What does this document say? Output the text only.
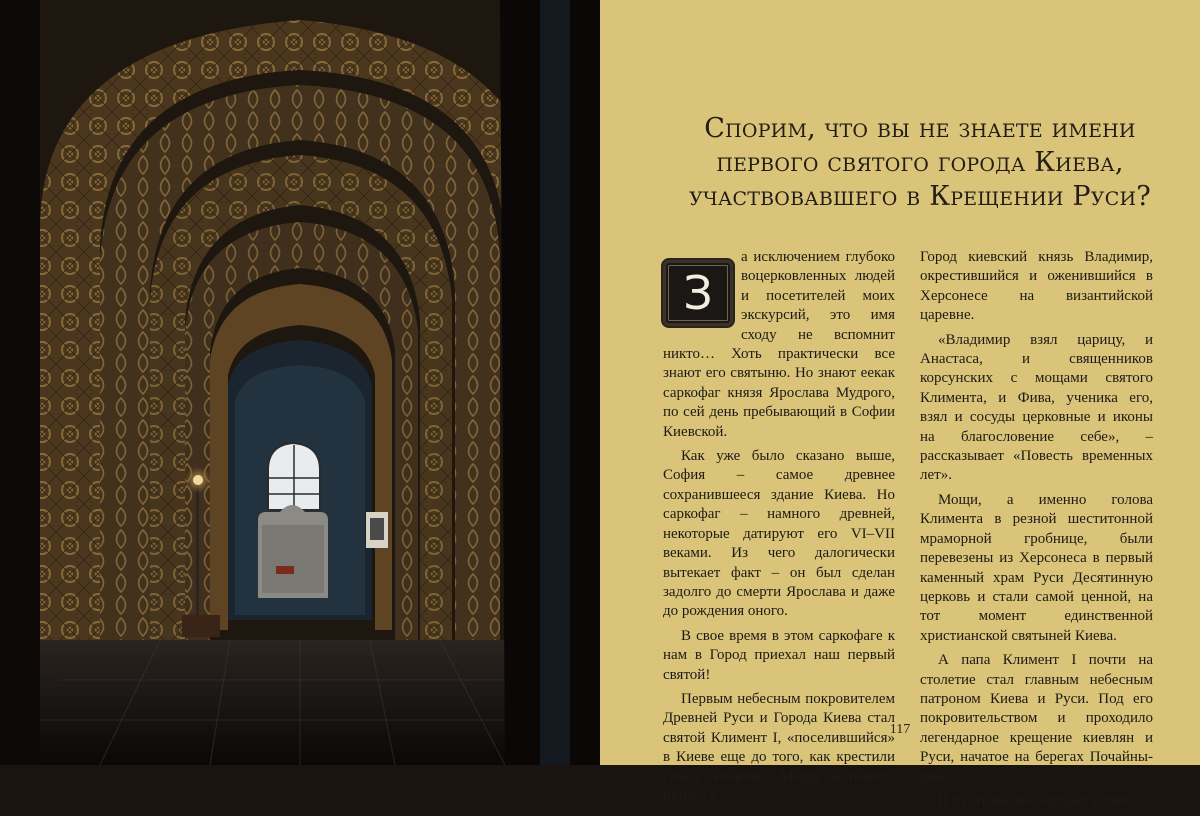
Спорим, что вы не знаете имени
первого святого города Киева,
участвовавшего в Крещении Руси?

З
а исключением глубоко воцерковленных людей и посетителей моих экскурсий, это имя сходу не вспомнит никто… Хоть практически все знают его святыню. Но знают еекак саркофаг князя Ярослава Мудрого, по сей день пребывающий в Софии Киевской.

Как уже было сказано выше, София – самое древнее сохранившееся здание Киева. Но саркофаг – намного древней, некоторые датируют его VI–VII веками. Из чего далогически вытекает факт – он был сделан задолго до смерти Ярослава и даже до рождения оного.

В свое время в этом саркофаге к нам в Город приехал наш первый святой!

Первым небесным покровителем Древней Руси и Города Киева стал святой Климент I, «поселившийся» в Киеве еще до того, как крестили самих киевлян. Мощи Климента привез в

Город киевский князь Владимир, окрестившийся и оженившийся в Херсонесе на византийской царевне.

«Владимир взял царицу, и Анастаса, и священников корсунских с мощами святого Климента, и Фива, ученика его, взял и сосуды церковные и иконы на благословение себе», – рассказывает «Повесть временных лет».

Мощи, а именно голова Климента в резной шеститонной мраморной гробнице, были перевезены из Херсонеса в первый каменный храм Руси Десятинную церковь и стали самой ценной, на тот момент единственной христианской святыней Киева.

А папа Климент I почти на столетие стал главным небесным патроном Киева и Руси. Под его покровительством и проходило легендарное крещение киевлян и Руси, начатое на берегах Почайны-реки.

И пусть вас не смущает слово

117
